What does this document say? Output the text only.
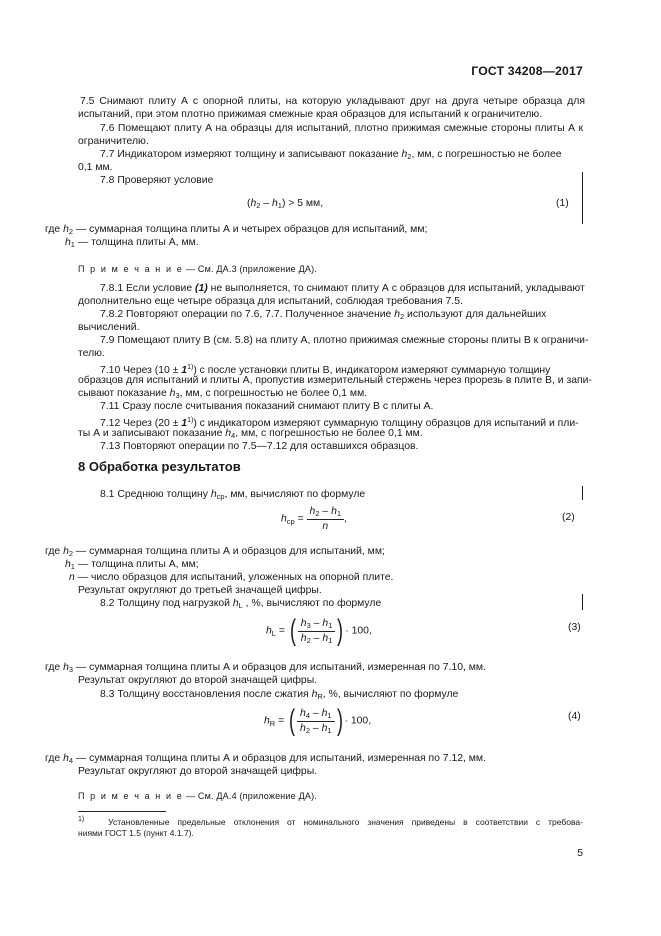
ГОСТ 34208—2017
7.5 Снимают плиту А с опорной плиты, на которую укладывают друг на друга четыре образца для
испытаний, при этом плотно прижимая смежные края образцов для испытаний к ограничителю.
7.6 Помещают плиту А на образцы для испытаний, плотно прижимая смежные стороны плиты А к
ограничителю.
7.7 Индикатором измеряют толщину и записывают показание $h_2$, мм, с погрешностью не более
0,1 мм.
7.8 Проверяют условие
$(h_2 - h_1) > 5$ мм,	(1)
где $h_2$ — суммарная толщина плиты А и четырех образцов для испытаний, мм;
$h_1$ — толщина плиты А, мм.
П р и м е ч а н и е — См. ДА.3 (приложение ДА).
7.8.1 Если условие (1) не выполняется, то снимают плиту А с образцов для испытаний, укладывают
дополнительно еще четыре образца для испытаний, соблюдая требования 7.5.
7.8.2 Повторяют операции по 7.6, 7.7. Полученное значение $h_2$ используют для дальнейших
вычислений.
7.9 Помещают плиту В (см. 5.8) на плиту А, плотно прижимая смежные стороны плиты В к ограничи-
телю.
7.10 Через $(10 \pm 1^{1)})$ с после установки плиты В, индикатором измеряют суммарную толщину
образцов для испытаний и плиты А, пропустив измерительный стержень через прорезь в плите В, и запи-
сывают показание $h_3$, мм, с погрешностью не более 0,1 мм.
7.11 Сразу после считывания показаний снимают плиту В с плиты А.
7.12 Через $(20 \pm 1^{1)})$ с индикатором измеряют суммарную толщину образцов для испытаний и пли-
ты А и записывают показание $h_4$, мм, с погрешностью не более 0,1 мм.
7.13 Повторяют операции по 7.5—7.12 для оставшихся образцов.
8 Обработка результатов
8.1 Среднюю толщину $h_{ср}$, мм, вычисляют по формуле
$h_{ср} = \frac{h_2 - h_1}{n}$ ,	(2)
где $h_2$ — суммарная толщина плиты А и образцов для испытаний, мм;
$h_1$ — толщина плиты А, мм;
n — число образцов для испытаний, уложенных на опорной плите.
Результат округляют до третьей значащей цифры.
8.2 Толщину под нагрузкой $h_L$ , %, вычисляют по формуле
$h_L$ = ( $\frac{h_3 - h_1}{h_2 - h_1}$ ) · 100,	(3)
где $h_3$ — суммарная толщина плиты А и образцов для испытаний, измеренная по 7.10, мм.
Результат округляют до второй значащей цифры.
8.3 Толщину восстановления после сжатия $h_R$, %, вычисляют по формуле
$h_R$ = ( $\frac{h_4 - h_1}{h_2 - h_1}$ ) · 100,	(4)
где $h_4$ — суммарная толщина плиты А и образцов для испытаний, измеренная по 7.12, мм.
Результат округляют до второй значащей цифры.
П р и м е ч а н и е — См. ДА.4 (приложение ДА).
$^{1)}$	Установленные предельные отклонения от номинального значения приведены в соответствии с требова-
ниями ГОСТ 1.5 (пункт 4.1.7).
5
